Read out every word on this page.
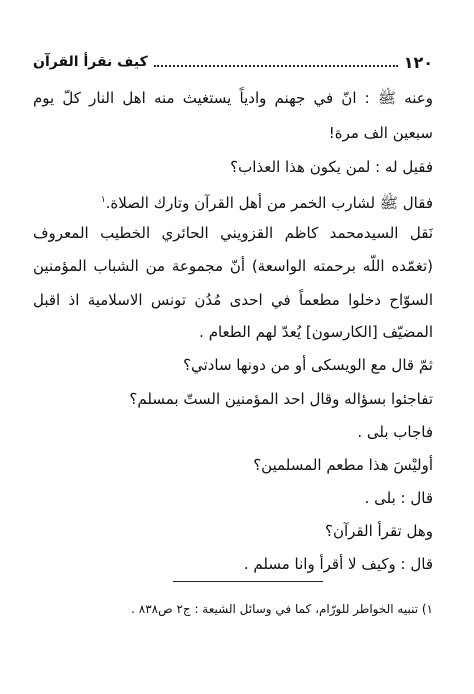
١٢٠
كيف نقرأ القرآن
وعنه ﷺ : انّ في جهنم وادياً يستغيث منه اهل النار كلّ يوم
سبعين الف مرة!
فقيل له : لمن يكون هذا العذاب؟
فقال ﷺ لشارب الخمر من أهل القرآن وتارك الصلاة.$^١$
نَقل السيدمحمد كاظم القزويني الحائري الخطيب المعروف
(تغمّده اللّه برحمته الواسعة) أنّ مجموعة من الشباب المؤمنين
السوّاح دخلوا مطعماً في احدى مُدُن تونس الاسلامية اذ اقبل
المضيّف [الكارسون] يُعدّ لهم الطعام .
ثمّ قال مع الويسكى أو من دونها سادتي؟
تفاجئوا بسؤاله وقال احد المؤمنين الستّ بمسلم؟
فاجاب بلى .
أوليْسَ هذا مطعم المسلمين؟
قال : بلى .
وهل تقرأ القرآن؟
قال : وكيف لا أقرأ وانا مسلم .
١) تنبيه الخواطر للورّام، كما في وسائل الشيعة : ج٢ ص٨٣٨ .
